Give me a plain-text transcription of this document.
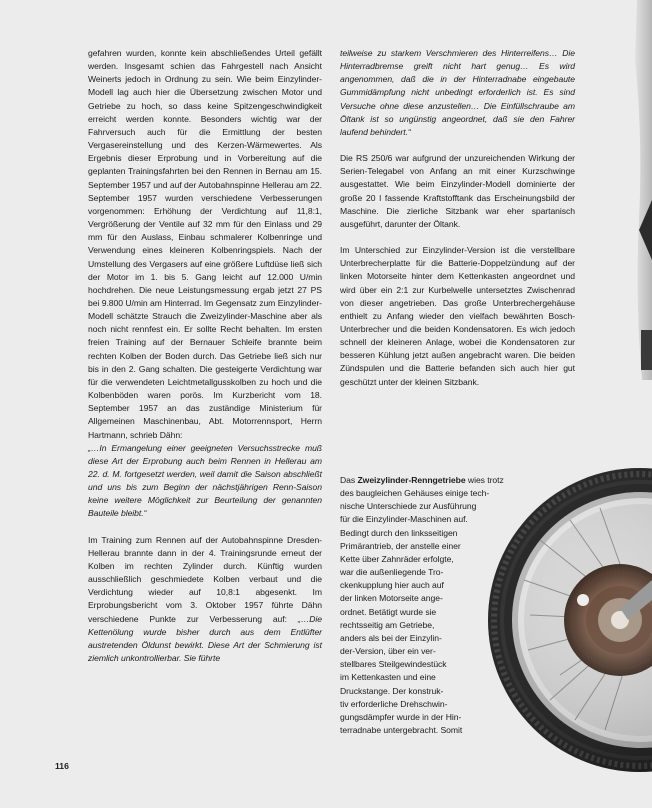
gefahren wurden, konnte kein abschließendes Urteil gefällt werden. Insgesamt schien das Fahrgestell nach Ansicht Weinerts jedoch in Ordnung zu sein. Wie beim Einzylinder-Modell lag auch hier die Übersetzung zwischen Motor und Getriebe zu hoch, so dass keine Spitzengeschwindigkeit erreicht werden konnte. Besonders wichtig war der Fahrversuch auch für die Ermittlung der besten Vergasereinstellung und des Kerzen-Wärmewertes. Als Ergebnis dieser Erprobung und in Vorbereitung auf die geplanten Trainingsfahrten bei den Rennen in Bernau am 15. September 1957 und auf der Autobahnspinne Hellerau am 22. September 1957 wurden verschiedene Verbesserungen vorgenommen: Erhöhung der Verdichtung auf 11,8:1, Vergrößerung der Ventile auf 32 mm für den Einlass und 29 mm für den Auslass, Einbau schmalerer Kolbenringe und Verwendung eines kleineren Kolbenringspiels. Nach der Umstellung des Vergasers auf eine größere Luftdüse ließ sich der Motor im 1. bis 5. Gang leicht auf 12.000 U/min hochdrehen. Die neue Leistungsmessung ergab jetzt 27 PS bei 9.800 U/min am Hinterrad. Im Gegensatz zum Einzylinder-Modell schätzte Strauch die Zweizylinder-Maschine aber als noch nicht rennfest ein. Er sollte Recht behalten. Im ersten freien Training auf der Bernauer Schleife brannte beim rechten Kolben der Boden durch. Das Getriebe ließ sich nur bis in den 2. Gang schalten. Die gesteigerte Verdichtung war für die verwendeten Leichtmetallgusskolben zu hoch und die Kolbenböden waren porös. Im Kurzbericht vom 18. September 1957 an das zuständige Ministerium für Allgemeinen Maschinenbau, Abt. Motorrennsport, Herrn Hartmann, schrieb Dähn:

„…In Ermangelung einer geeigneten Versuchsstrecke muß diese Art der Erprobung auch beim Rennen in Hellerau am 22. d. M. fortgesetzt werden, weil damit die Saison abschließt und uns bis zum Beginn der nächstjährigen Renn-Saison keine weitere Möglichkeit zur Beurteilung der genannten Bauteile bleibt.“

Im Training zum Rennen auf der Autobahnspinne Dresden-Hellerau brannte dann in der 4. Trainingsrunde erneut der Kolben im rechten Zylinder durch. Künftig wurden ausschließlich geschmiedete Kolben verbaut und die Verdichtung wieder auf 10,8:1 abgesenkt. Im Erprobungsbericht vom 3. Oktober 1957 führte Dähn verschiedene Punkte zur Verbesserung auf: „…Die Kettenölung wurde bisher durch aus dem Entlüfter austretenden Öldunst bewirkt. Diese Art der Schmierung ist ziemlich unkontrollierbar. Sie führte

teilweise zu starkem Verschmieren des Hinterreifens… Die Hinterradbremse greift nicht hart genug… Es wird angenommen, daß die in der Hinterradnabe eingebaute Gummidämpfung nicht unbedingt erforderlich ist. Es sind Versuche ohne diese anzustellen… Die Einfüllschraube am Öltank ist so ungünstig angeordnet, daß sie den Fahrer laufend behindert.“

Die RS 250/6 war aufgrund der unzureichenden Wirkung der Serien-Telegabel von Anfang an mit einer Kurzschwinge ausgestattet. Wie beim Einzylinder-Modell dominierte der große 20 l fassende Kraftstofftank das Erscheinungsbild der Maschine. Die zierliche Sitzbank war eher spartanisch ausgeführt, darunter der Öltank.

Im Unterschied zur Einzylinder-Version ist die verstellbare Unterbrecherplatte für die Batterie-Doppelzündung auf der linken Motorseite hinter dem Kettenkasten angeordnet und wird über ein 2:1 zur Kurbelwelle untersetztes Zwischenrad von dieser angetrieben. Das große Unterbrechergehäuse enthielt zu Anfang wieder den vielfach bewährten Bosch-Unterbrecher und die beiden Kondensatoren. Es wich jedoch schnell der kleineren Anlage, wobei die Kondensatoren zur besseren Kühlung jetzt außen angebracht waren. Die beiden Zündspulen und die Batterie befanden sich auch hier gut geschützt unter der kleinen Sitzbank.

Das Zweizylinder-Renngetriebe wies trotz
des baugleichen Gehäuses einige tech-
nische Unterschiede zur Ausführung
für die Einzylinder-Maschinen auf.
Bedingt durch den linksseitigen
Primärantrieb, der anstelle einer
Kette über Zahnräder erfolgte,
war die außenliegende Tro-
ckenkupplung hier auch auf
der linken Motorseite ange-
ordnet. Betätigt wurde sie
rechtsseitig am Getriebe,
anders als bei der Einzylin-
der-Version, über ein ver-
stellbares Steilgewindestück
im Kettenkasten und eine
Druckstange. Der konstruk-
tiv erforderliche Drehschwin-
gungsdämpfer wurde in der Hin-
terradnabe untergebracht. Somit
116
